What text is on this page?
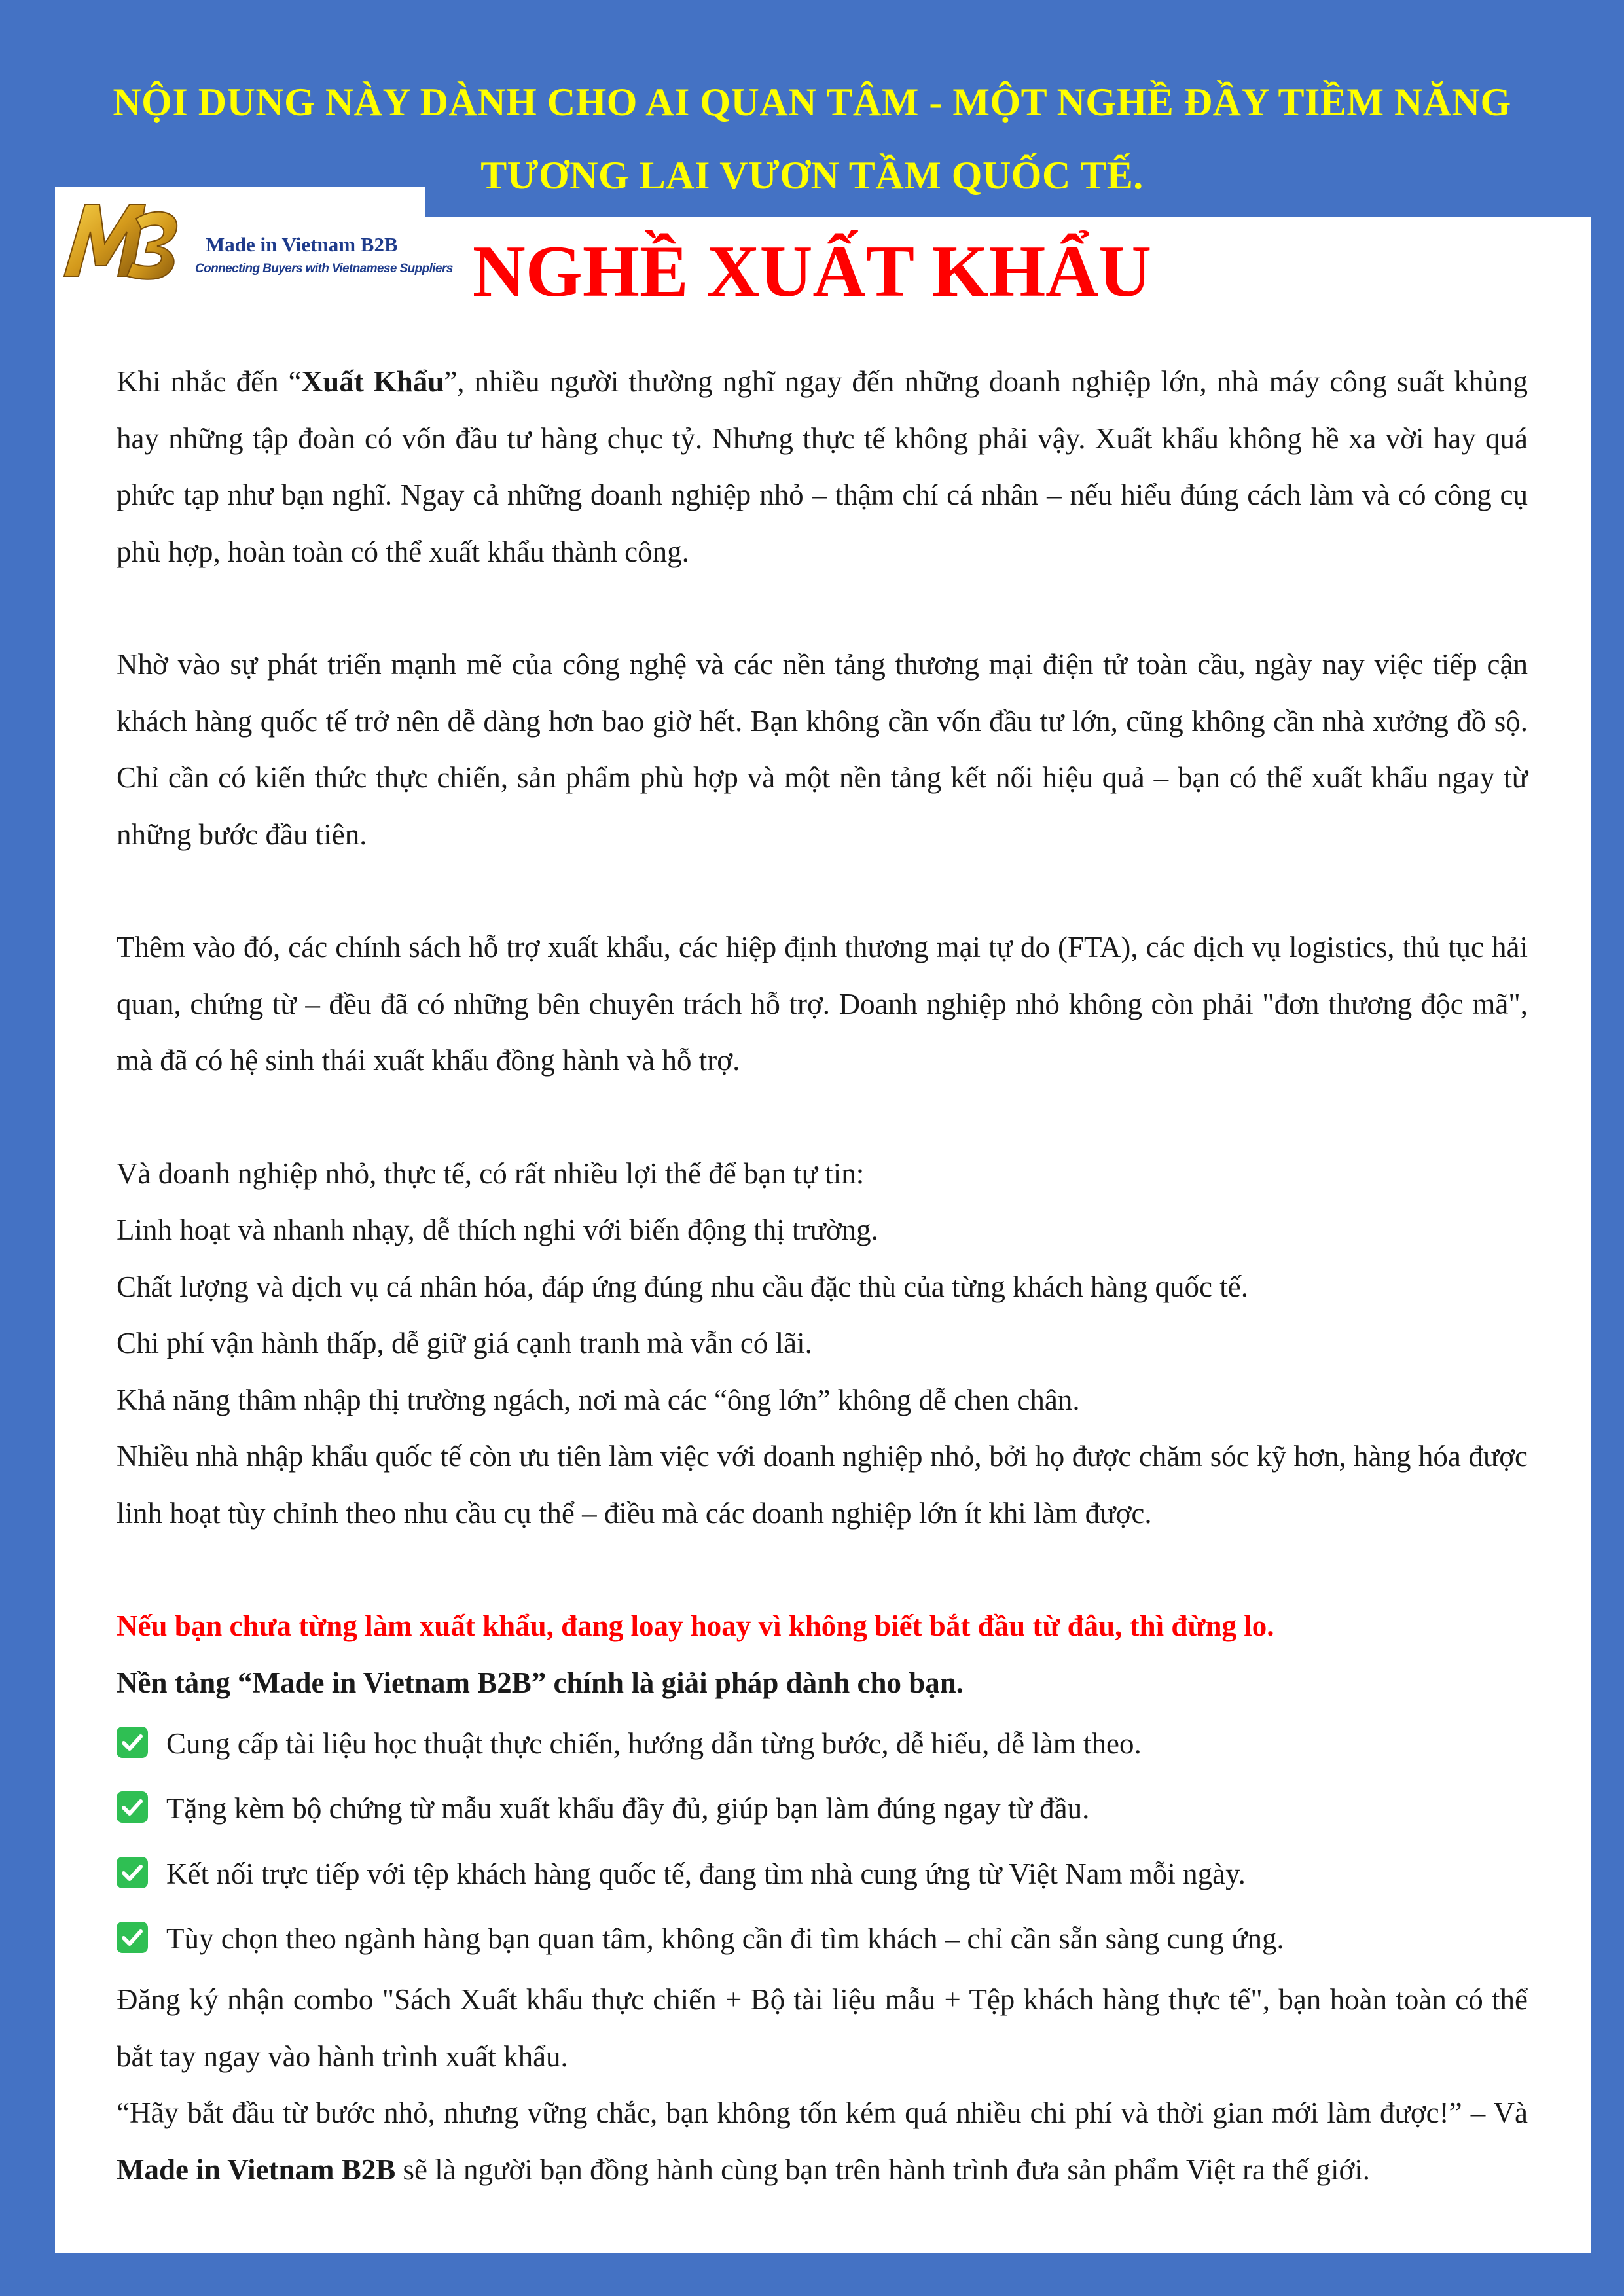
NỘI DUNG NÀY DÀNH CHO AI QUAN TÂM - MỘT NGHỀ ĐẦY TIỀM NĂNG
TƯƠNG LAI VƯƠN TẦM QUỐC TẾ.
Made in Vietnam B2B
Connecting Buyers with Vietnamese Suppliers NGHỀ XUẤT KHẨU

Khi nhắc đến “Xuất Khẩu”, nhiều người thường nghĩ ngay đến những doanh nghiệp lớn, nhà máy công suất khủng hay những tập đoàn có vốn đầu tư hàng chục tỷ. Nhưng thực tế không phải vậy. Xuất khẩu không hề xa vời hay quá phức tạp như bạn nghĩ. Ngay cả những doanh nghiệp nhỏ – thậm chí cá nhân – nếu hiểu đúng cách làm và có công cụ phù hợp, hoàn toàn có thể xuất khẩu thành công.

Nhờ vào sự phát triển mạnh mẽ của công nghệ và các nền tảng thương mại điện tử toàn cầu, ngày nay việc tiếp cận khách hàng quốc tế trở nên dễ dàng hơn bao giờ hết. Bạn không cần vốn đầu tư lớn, cũng không cần nhà xưởng đồ sộ. Chỉ cần có kiến thức thực chiến, sản phẩm phù hợp và một nền tảng kết nối hiệu quả – bạn có thể xuất khẩu ngay từ những bước đầu tiên.

Thêm vào đó, các chính sách hỗ trợ xuất khẩu, các hiệp định thương mại tự do (FTA), các dịch vụ logistics, thủ tục hải quan, chứng từ – đều đã có những bên chuyên trách hỗ trợ. Doanh nghiệp nhỏ không còn phải "đơn thương độc mã", mà đã có hệ sinh thái xuất khẩu đồng hành và hỗ trợ.

Và doanh nghiệp nhỏ, thực tế, có rất nhiều lợi thế để bạn tự tin:

Linh hoạt và nhanh nhạy, dễ thích nghi với biến động thị trường.

Chất lượng và dịch vụ cá nhân hóa, đáp ứng đúng nhu cầu đặc thù của từng khách hàng quốc tế.

Chi phí vận hành thấp, dễ giữ giá cạnh tranh mà vẫn có lãi.

Khả năng thâm nhập thị trường ngách, nơi mà các “ông lớn” không dễ chen chân.

Nhiều nhà nhập khẩu quốc tế còn ưu tiên làm việc với doanh nghiệp nhỏ, bởi họ được chăm sóc kỹ hơn, hàng hóa được linh hoạt tùy chỉnh theo nhu cầu cụ thể – điều mà các doanh nghiệp lớn ít khi làm được.

Nếu bạn chưa từng làm xuất khẩu, đang loay hoay vì không biết bắt đầu từ đâu, thì đừng lo.

Nền tảng “Made in Vietnam B2B” chính là giải pháp dành cho bạn.

Cung cấp tài liệu học thuật thực chiến, hướng dẫn từng bước, dễ hiểu, dễ làm theo.
Tặng kèm bộ chứng từ mẫu xuất khẩu đầy đủ, giúp bạn làm đúng ngay từ đầu.
Kết nối trực tiếp với tệp khách hàng quốc tế, đang tìm nhà cung ứng từ Việt Nam mỗi ngày.
Tùy chọn theo ngành hàng bạn quan tâm, không cần đi tìm khách – chỉ cần sẵn sàng cung ứng.

Đăng ký nhận combo "Sách Xuất khẩu thực chiến + Bộ tài liệu mẫu + Tệp khách hàng thực tế", bạn hoàn toàn có thể bắt tay ngay vào hành trình xuất khẩu.

“Hãy bắt đầu từ bước nhỏ, nhưng vững chắc, bạn không tốn kém quá nhiều chi phí và thời gian mới làm được!” – Và Made in Vietnam B2B sẽ là người bạn đồng hành cùng bạn trên hành trình đưa sản phẩm Việt ra thế giới.
